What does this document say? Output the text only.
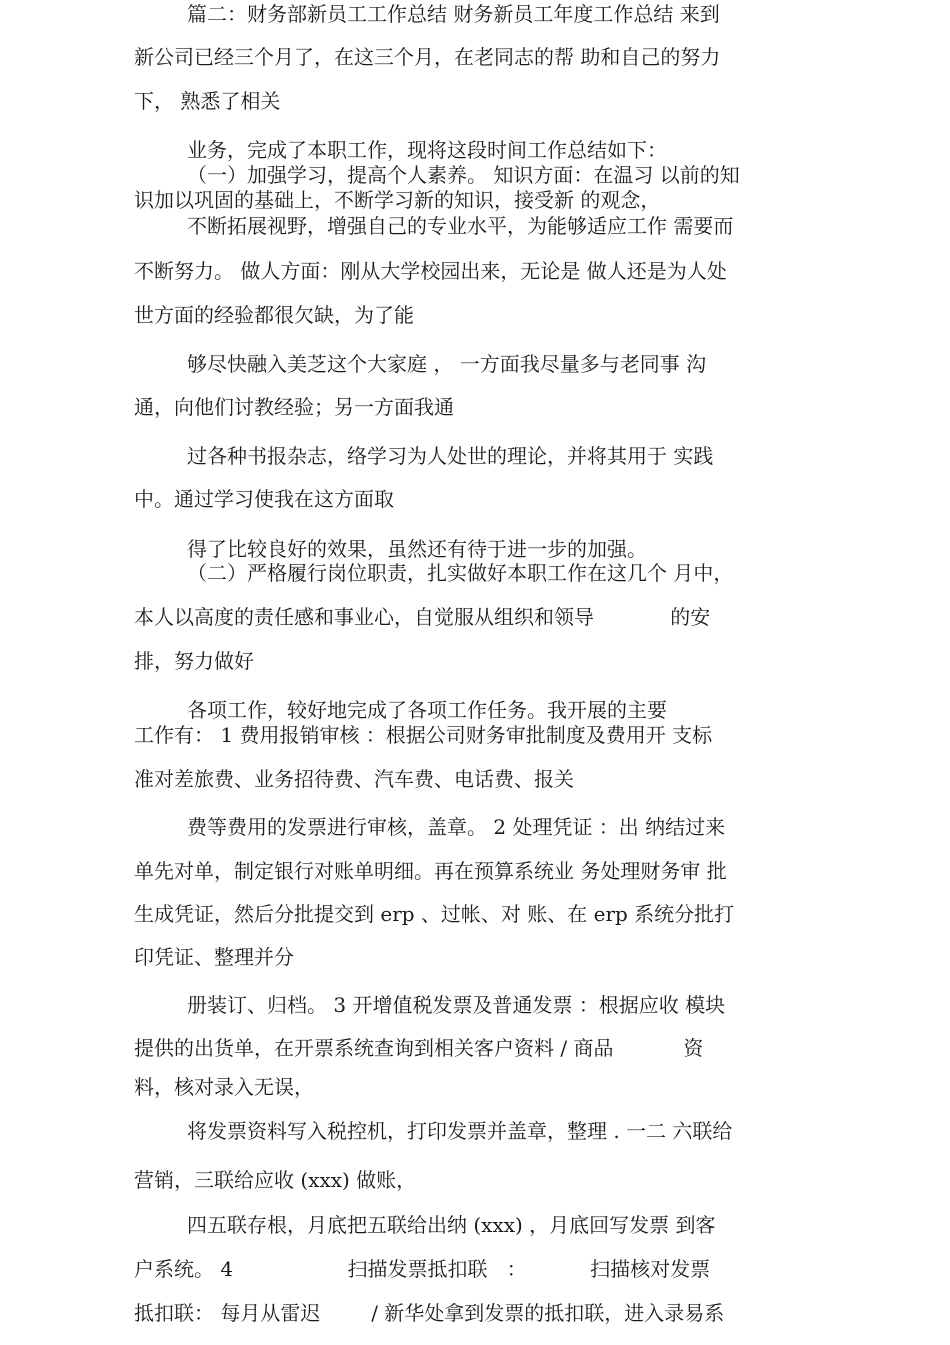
篇二：财务部新员工工作总结 财务新员工年度工作总结 来到

新公司已经三个月了，在这三个月，在老同志的帮 助和自己的努力

下， 熟悉了相关

业务，完成了本职工作，现将这段时间工作总结如下：

（一）加强学习，提高个人素养。 知识方面：在温习 以前的知

识加以巩固的基础上，不断学习新的知识，接受新 的观念，

不断拓展视野，增强自己的专业水平，为能够适应工作 需要而

不断努力。 做人方面：刚从大学校园出来，无论是 做人还是为人处

世方面的经验都很欠缺，为了能

够尽快融入美芝这个大家庭 ， 一方面我尽量多与老同事 沟

通，向他们讨教经验；另一方面我通

过各种书报杂志，络学习为人处世的理论，并将其用于 实践

中。通过学习使我在这方面取

得了比较良好的效果，虽然还有待于进一步的加强。

（二）严格履行岗位职责，扎实做好本职工作在这几个 月中，

本人以高度的责任感和事业心，自觉服从组织和领导            的安

排，努力做好

各项工作，较好地完成了各项工作任务。我开展的主要

工作有： 1 费用报销审核 ：根据公司财务审批制度及费用开 支标

准对差旅费、业务招待费、汽车费、电话费、报关

费等费用的发票进行审核，盖章。 2 处理凭证 ：出 纳结过来

单先对单，制定银行对账单明细。再在预算系统业 务处理财务审 批

生成凭证，然后分批提交到 erp 、过帐、对 账、在 erp 系统分批打

印凭证、整理并分

册装订、归档。 3 开增值税发票及普通发票 ：根据应收 模块

提供的出货单，在开票系统查询到相关客户资料 / 商品           资

料，核对录入无误，

将发票资料写入税控机，打印发票并盖章，整理 . 一二 六联给

营销，三联给应收 (xxx) 做账，

四五联存根，月底把五联给出纳 (xxx) ，月底回写发票 到客

户系统。 4                  扫描发票抵扣联   ：          扫描核对发票

抵扣联： 每月从雷迟        / 新华处拿到发票的抵扣联，进入录易系
